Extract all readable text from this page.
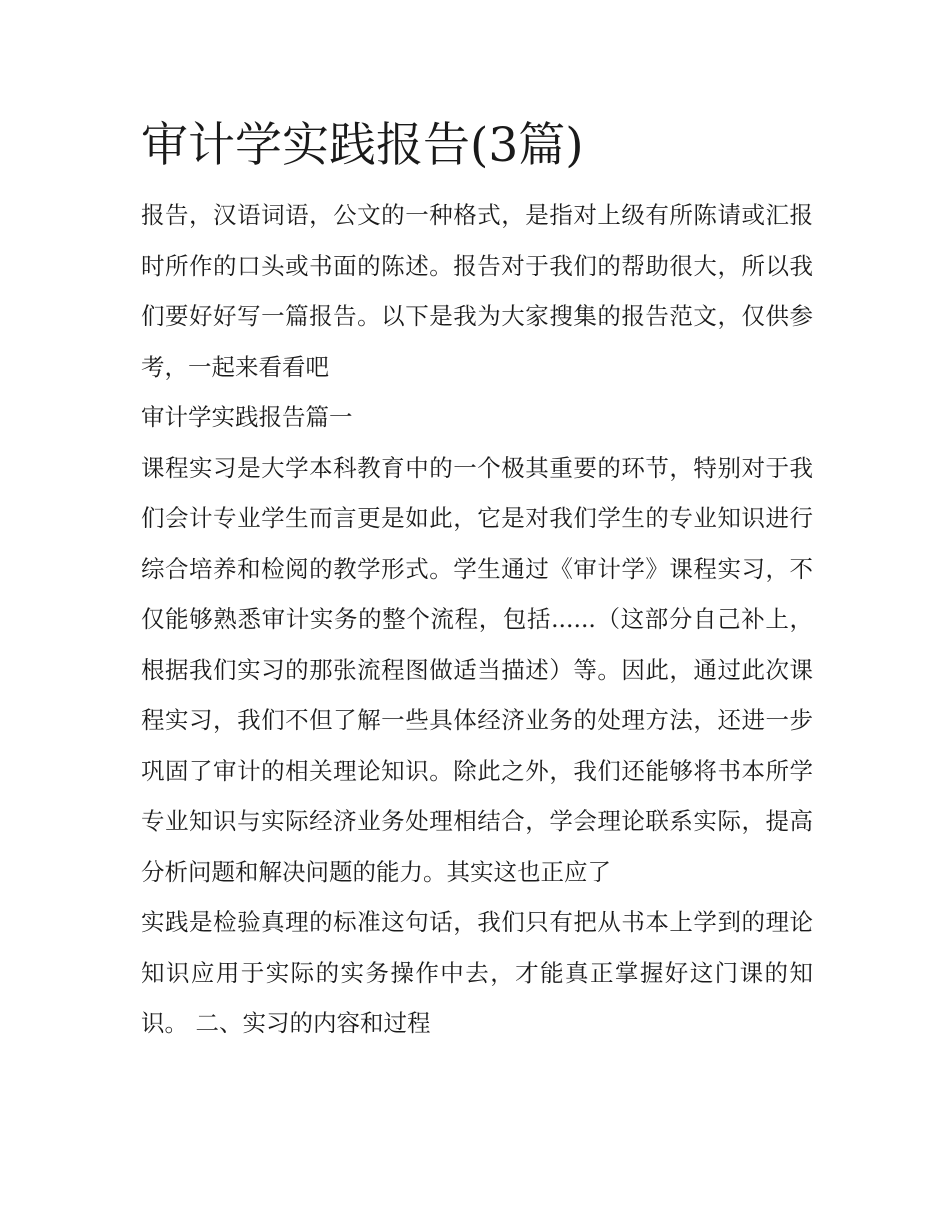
审计学实践报告(3篇)

报告，汉语词语，公文的一种格式，是指对上级有所陈请或汇报时所作的口头或书面的陈述。报告对于我们的帮助很大，所以我们要好好写一篇报告。以下是我为大家搜集的报告范文，仅供参考，一起来看看吧

审计学实践报告篇一

课程实习是大学本科教育中的一个极其重要的环节，特别对于我们会计专业学生而言更是如此，它是对我们学生的专业知识进行综合培养和检阅的教学形式。学生通过《审计学》课程实习，不仅能够熟悉审计实务的整个流程，包括......（这部分自己补上，根据我们实习的那张流程图做适当描述）等。因此，通过此次课程实习，我们不但了解一些具体经济业务的处理方法，还进一步巩固了审计的相关理论知识。除此之外，我们还能够将书本所学专业知识与实际经济业务处理相结合，学会理论联系实际，提高分析问题和解决问题的能力。其实这也正应了

实践是检验真理的标准这句话，我们只有把从书本上学到的理论知识应用于实际的实务操作中去，才能真正掌握好这门课的知识。 二、实习的内容和过程
